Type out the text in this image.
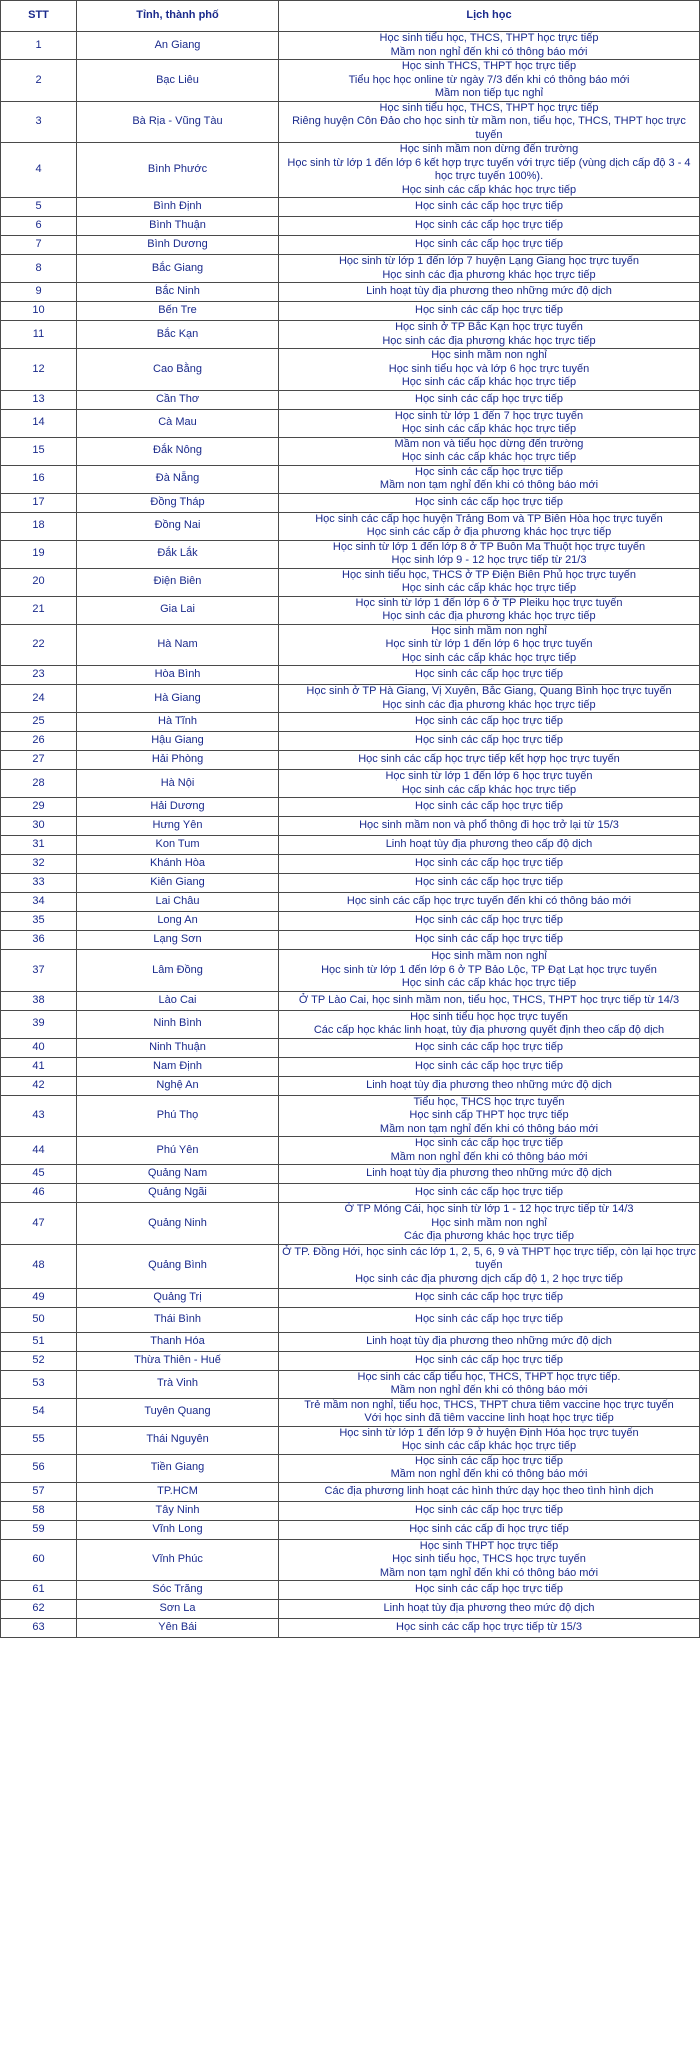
STT	Tỉnh, thành phố	Lịch học
1	An Giang	Học sinh tiểu học, THCS, THPT học trực tiếp
Mầm non nghỉ đến khi có thông báo mới

2	Bạc Liêu	Học sinh THCS, THPT học trực tiếp
Tiểu học học online từ ngày 7/3 đến khi có thông báo mới
Mầm non tiếp tục nghỉ

3	Bà Rịa - Vũng Tàu	Học sinh tiểu học, THCS, THPT học trực tiếp
Riêng huyện Côn Đảo cho học sinh từ mầm non, tiểu học, THCS, THPT học trực tuyến

4	Bình Phước	Học sinh mầm non dừng đến trường
Học sinh từ lớp 1 đến lớp 6 kết hợp trực tuyến với trực tiếp (vùng dịch cấp độ 3 - 4 học trực tuyến 100%).
Học sinh các cấp khác học trực tiếp

5	Bình Định	Học sinh các cấp học trực tiếp

6	Bình Thuận	Học sinh các cấp học trực tiếp

7	Bình Dương	Học sinh các cấp học trực tiếp

8	Bắc Giang	Học sinh từ lớp 1 đến lớp 7 huyện Lạng Giang học trực tuyến
Học sinh các địa phương khác học trực tiếp

9	Bắc Ninh	Linh hoạt tùy địa phương theo những mức độ dịch

10	Bến Tre	Học sinh các cấp học trực tiếp

11	Bắc Kạn	Học sinh ở TP Bắc Kạn học trực tuyến
Học sinh các địa phương khác học trực tiếp

12	Cao Bằng	Học sinh mầm non nghỉ
Học sinh tiểu học và lớp 6 học trực tuyến
Học sinh các cấp khác học trực tiếp

13	Cần Thơ	Học sinh các cấp học trực tiếp

14	Cà Mau	Học sinh từ lớp 1 đến 7 học trực tuyến
Học sinh các cấp khác học trực tiếp

15	Đắk Nông	Mầm non và tiểu học dừng đến trường
Học sinh các cấp khác học trực tiếp

16	Đà Nẵng	Học sinh các cấp học trực tiếp
Mầm non tạm nghỉ đến khi có thông báo mới

17	Đồng Tháp	Học sinh các cấp học trực tiếp

18	Đồng Nai	Học sinh các cấp học huyện Trảng Bom và TP Biên Hòa học trực tuyến
Học sinh các cấp ở địa phương khác học trực tiếp

19	Đắk Lắk	Học sinh từ lớp 1 đến lớp 8 ở TP Buôn Ma Thuột học trực tuyến
Học sinh lớp 9 - 12 học trực tiếp từ 21/3

20	Điện Biên	Học sinh tiểu học, THCS ở TP Điện Biên Phủ học trực tuyến
Học sinh các cấp khác học trực tiếp

21	Gia Lai	Học sinh từ lớp 1 đến lớp 6 ở TP Pleiku học trực tuyến
Học sinh các địa phương khác học trực tiếp

22	Hà Nam	Học sinh mầm non nghỉ
Học sinh từ lớp 1 đến lớp 6 học trực tuyến
Học sinh các cấp khác học trực tiếp

23	Hòa Bình	Học sinh các cấp học trực tiếp

24	Hà Giang	Học sinh ở TP Hà Giang, Vị Xuyên, Bắc Giang, Quang Bình học trực tuyến
Học sinh các địa phương khác học trực tiếp

25	Hà Tĩnh	Học sinh các cấp học trực tiếp

26	Hậu Giang	Học sinh các cấp học trực tiếp

27	Hải Phòng	Học sinh các cấp học trực tiếp kết hợp học trực tuyến

28	Hà Nội	Học sinh từ lớp 1 đến lớp 6 học trực tuyến
Học sinh các cấp khác học trực tiếp

29	Hải Dương	Học sinh các cấp học trực tiếp

30	Hưng Yên	Học sinh mầm non và phổ thông đi học trở lại từ 15/3

31	Kon Tum	Linh hoạt tùy địa phương theo cấp độ dịch

32	Khánh Hòa	Học sinh các cấp học trực tiếp

33	Kiên Giang	Học sinh các cấp học trực tiếp

34	Lai Châu	Học sinh các cấp học trực tuyến đến khi có thông báo mới

35	Long An	Học sinh các cấp học trực tiếp

36	Lạng Sơn	Học sinh các cấp học trực tiếp

37	Lâm Đồng	Học sinh mầm non nghỉ
Học sinh từ lớp 1 đến lớp 6 ở TP Bảo Lộc, TP Đạt Lạt học trực tuyến
Học sinh các cấp khác học trực tiếp

38	Lào Cai	Ở TP Lào Cai, học sinh mầm non, tiểu học, THCS, THPT học trực tiếp từ 14/3

39	Ninh Bình	Học sinh tiểu học học trực tuyến
Các cấp học khác linh hoạt, tùy địa phương quyết định theo cấp độ dịch

40	Ninh Thuận	Học sinh các cấp học trực tiếp

41	Nam Định	Học sinh các cấp học trực tiếp

42	Nghệ An	Linh hoạt tùy địa phương theo những mức độ dịch

43	Phú Thọ	Tiểu học, THCS học trực tuyến
Học sinh cấp THPT học trực tiếp
Mầm non tạm nghỉ đến khi có thông báo mới

44	Phú Yên	Học sinh các cấp học trực tiếp
Mầm non nghỉ đến khi có thông báo mới

45	Quảng Nam	Linh hoạt tùy địa phương theo những mức độ dịch

46	Quảng Ngãi	Học sinh các cấp học trực tiếp

47	Quảng Ninh	Ở TP Móng Cái, học sinh từ lớp 1 - 12 học trực tiếp từ 14/3
Học sinh mầm non nghỉ
Các địa phương khác học trực tiếp

48	Quảng Bình	Ở TP. Đồng Hới, học sinh các lớp 1, 2, 5, 6, 9 và THPT học trực tiếp, còn lại học trực tuyến
Học sinh các địa phương dịch cấp độ 1, 2 học trực tiếp

49	Quảng Trị	Học sinh các cấp học trực tiếp

50	Thái Bình	Học sinh các cấp học trực tiếp

51	Thanh Hóa	Linh hoạt tùy địa phương theo những mức độ dịch

52	Thừa Thiên - Huế	Học sinh các cấp học trực tiếp

53	Trà Vinh	Học sinh các cấp tiểu học, THCS, THPT học trực tiếp.
Mầm non nghỉ đến khi có thông báo mới

54	Tuyên Quang	Trẻ mầm non nghỉ, tiểu học, THCS, THPT chưa tiêm vaccine học trực tuyến
Với học sinh đã tiêm vaccine linh hoạt học trực tiếp

55	Thái Nguyên	Học sinh từ lớp 1 đến lớp 9 ở huyện Định Hóa học trực tuyến
Học sinh các cấp khác học trực tiếp

56	Tiền Giang	Học sinh các cấp học trực tiếp
Mầm non nghỉ đến khi có thông báo mới

57	TP.HCM	Các địa phương linh hoạt các hình thức dạy học theo tình hình dịch

58	Tây Ninh	Học sinh các cấp học trực tiếp

59	Vĩnh Long	Học sinh các cấp đi học trực tiếp

60	Vĩnh Phúc	Học sinh THPT học trực tiếp
Học sinh tiểu học, THCS học trực tuyến
Mầm non tạm nghỉ đến khi có thông báo mới

61	Sóc Trăng	Học sinh các cấp học trực tiếp

62	Sơn La	Linh hoạt tùy địa phương theo mức độ dịch

63	Yên Bái	Học sinh các cấp học trực tiếp từ 15/3
